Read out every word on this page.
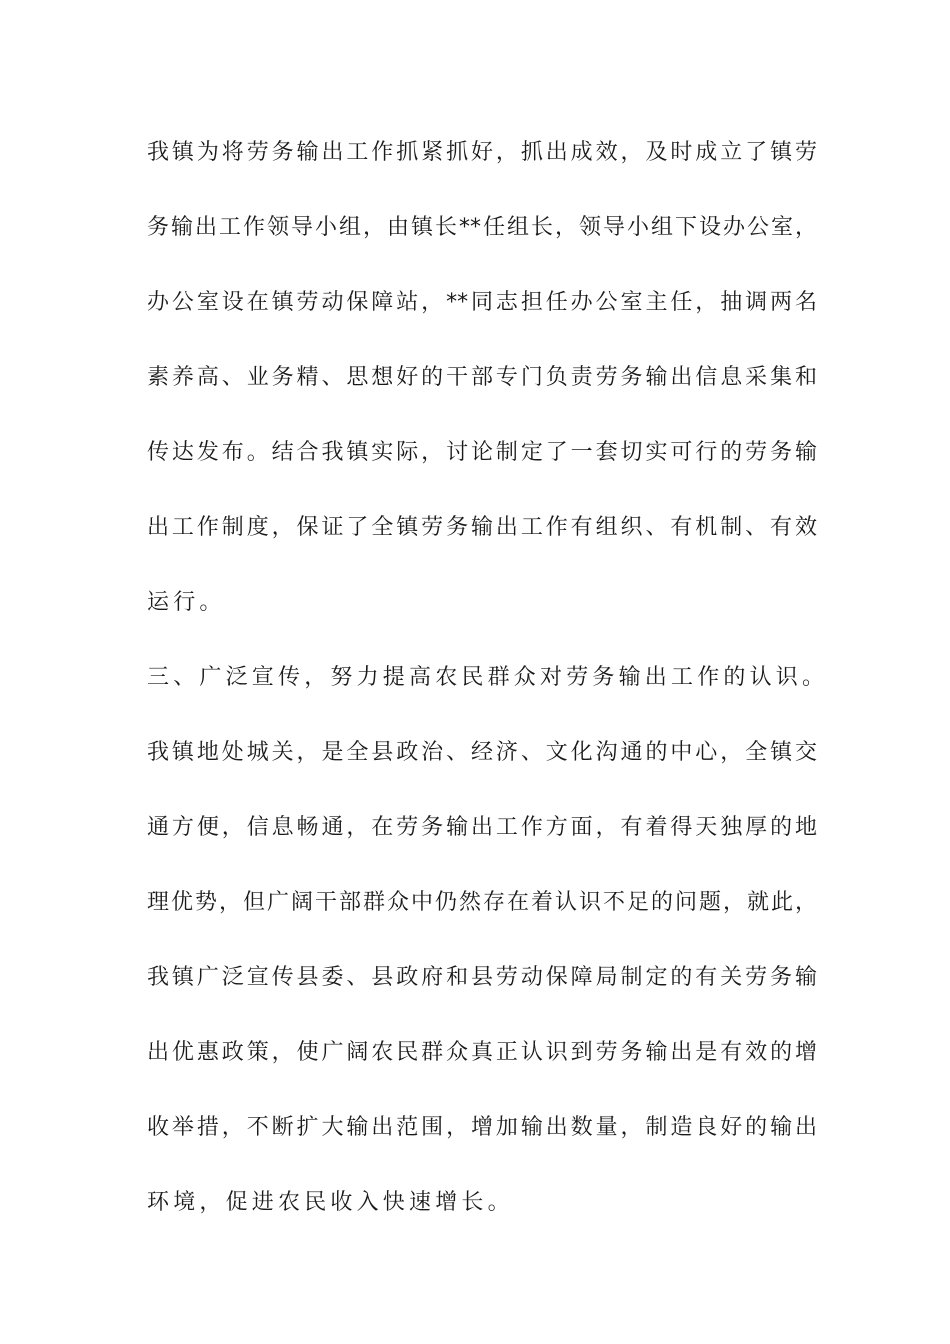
我镇为将劳务输出工作抓紧抓好，抓出成效，及时成立了镇劳
务输出工作领导小组，由镇长**任组长，领导小组下设办公室，
办公室设在镇劳动保障站，**同志担任办公室主任，抽调两名
素养高、业务精、思想好的干部专门负责劳务输出信息采集和
传达发布。结合我镇实际，讨论制定了一套切实可行的劳务输
出工作制度，保证了全镇劳务输出工作有组织、有机制、有效
运行。
三、广泛宣传，努力提高农民群众对劳务输出工作的认识。
我镇地处城关，是全县政治、经济、文化沟通的中心，全镇交
通方便，信息畅通，在劳务输出工作方面，有着得天独厚的地
理优势，但广阔干部群众中仍然存在着认识不足的问题，就此，
我镇广泛宣传县委、县政府和县劳动保障局制定的有关劳务输
出优惠政策，使广阔农民群众真正认识到劳务输出是有效的增
收举措，不断扩大输出范围，增加输出数量，制造良好的输出
环境，促进农民收入快速增长。
